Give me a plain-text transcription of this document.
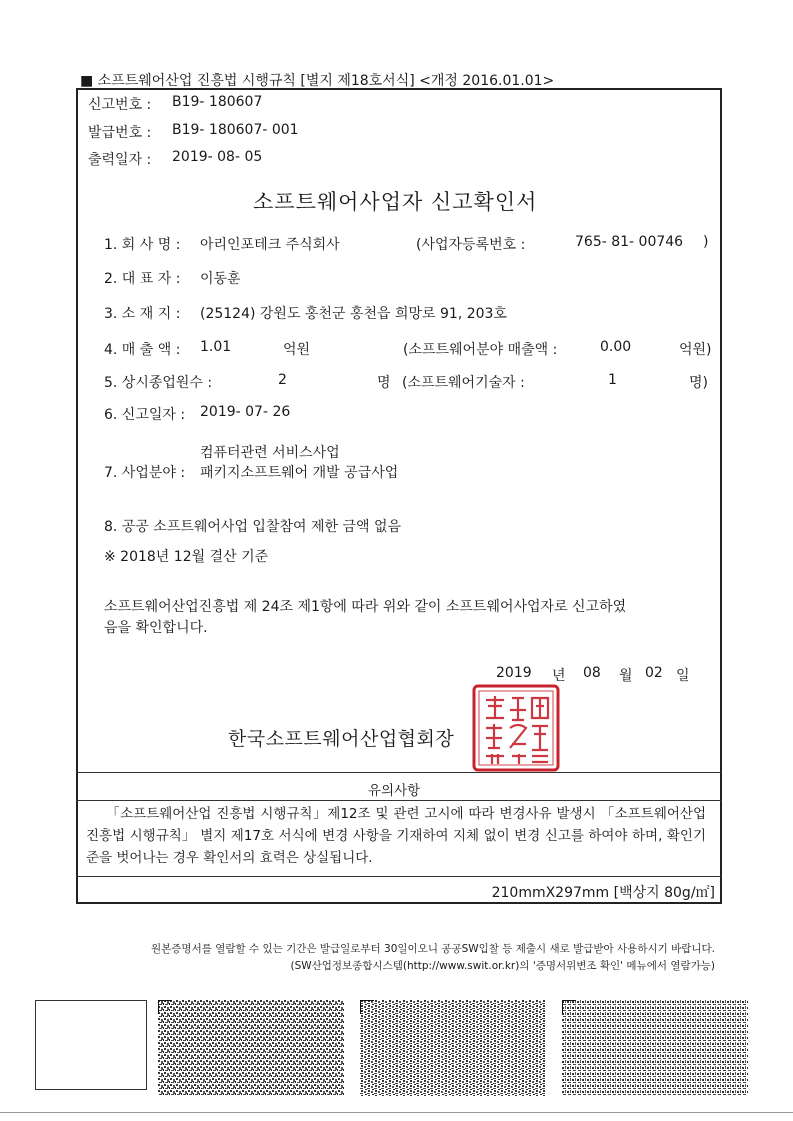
■ 소프트웨어산업 진흥법 시행규칙 [별지 제18호서식] <개정 2016.01.01>
신고번호 : B19- 180607
발급번호 : B19- 180607- 001
출력일자 : 2019- 08- 05
소프트웨어사업자 신고확인서
1. 회 사 명 : 아리인포테크 주식회사	(사업자등록번호 :	765- 81- 00746 )
2. 대 표 자 : 이동훈
3. 소 재 지 : (25124) 강원도 홍천군 홍천읍 희망로 91, 203호
4. 매 출 액 : 1.01	억원	(소프트웨어분야 매출액 :	0.00	억원)
5. 상시종업원수 :	2	명 (소프트웨어기술자 :	1	명)
6. 신고일자 : 2019- 07- 26
컴퓨터관련 서비스사업
7. 사업분야 : 패키지소프트웨어 개발 공급사업
8. 공공 소프트웨어사업 입찰참여 제한 금액 없음
※ 2018년 12월 결산 기준
소프트웨어산업진흥법 제 24조 제1항에 따라 위와 같이 소프트웨어사업자로 신고하였
음을 확인합니다.
2019 년 08 월 02 일
한국소프트웨어산업협회장
유의사항
「소프트웨어산업 진흥법 시행규칙」제12조 및 관련 고시에 따라 변경사유 발생시 「소프트웨어산업 진흥법 시행규칙」 별지 제17호 서식에 변경 사항을 기재하여 지체 없이 변경 신고를 하여야 하며, 확인기준을 벗어나는 경우 확인서의 효력은 상실됩니다.
210mmX297mm [백상지 80g/㎡]
원본증명서를 열람할 수 있는 기간은 발급일로부터 30일이오니 공공SW입찰 등 제출시 새로 발급받아 사용하시기 바랍니다.
(SW산업정보종합시스템(http://www.swit.or.kr)의 '증명서위변조 확인' 메뉴에서 열람가능)
